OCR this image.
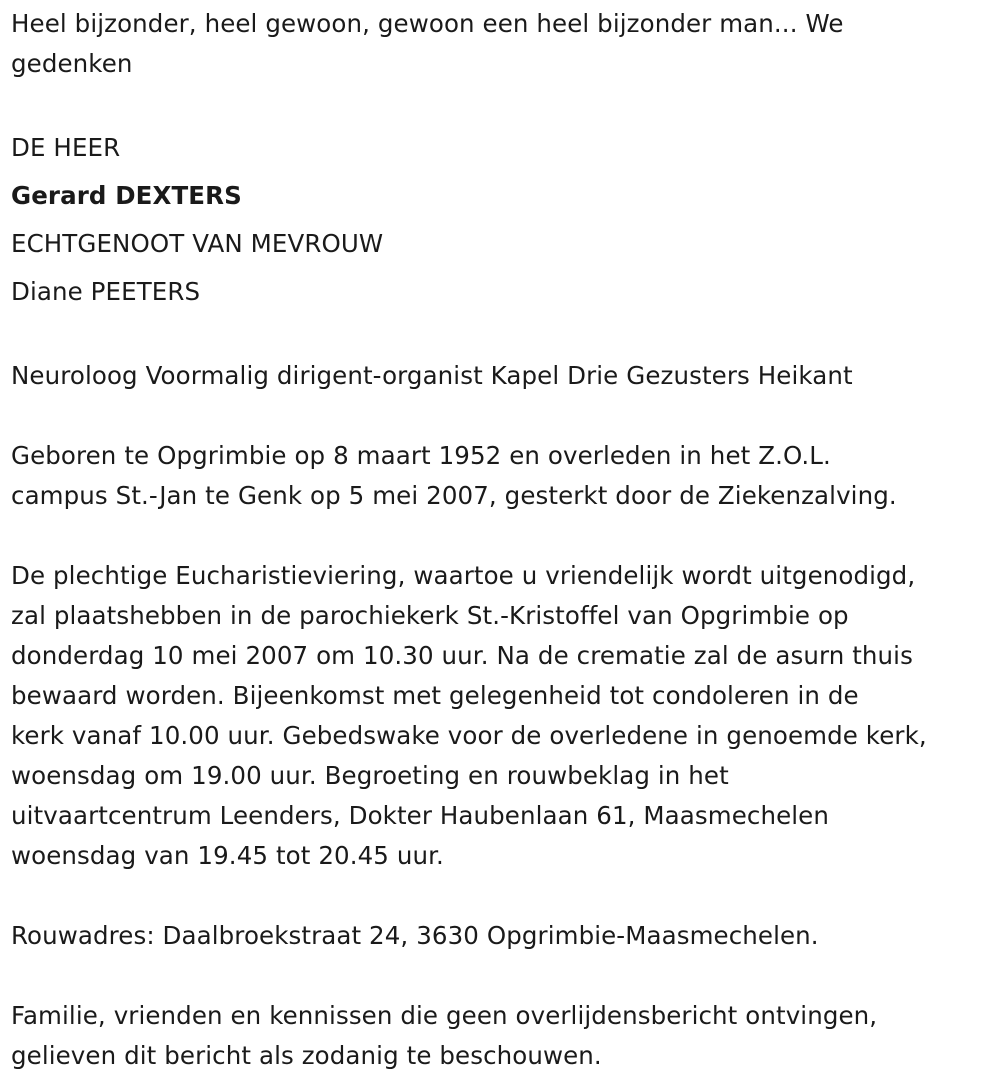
Heel bijzonder, heel gewoon, gewoon een heel bijzonder man... We

gedenken

DE HEER

Gerard DEXTERS

ECHTGENOOT VAN MEVROUW

Diane PEETERS

Neuroloog Voormalig dirigent-organist Kapel Drie Gezusters Heikant

Geboren te Opgrimbie op 8 maart 1952 en overleden in het Z.O.L.

campus St.-Jan te Genk op 5 mei 2007, gesterkt door de Ziekenzalving.

De plechtige Eucharistieviering, waartoe u vriendelijk wordt uitgenodigd,

zal plaatshebben in de parochiekerk St.-Kristoffel van Opgrimbie op

donderdag 10 mei 2007 om 10.30 uur. Na de crematie zal de asurn thuis

bewaard worden. Bijeenkomst met gelegenheid tot condoleren in de

kerk vanaf 10.00 uur. Gebedswake voor de overledene in genoemde kerk,

woensdag om 19.00 uur. Begroeting en rouwbeklag in het

uitvaartcentrum Leenders, Dokter Haubenlaan 61, Maasmechelen

woensdag van 19.45 tot 20.45 uur.

Rouwadres: Daalbroekstraat 24, 3630 Opgrimbie-Maasmechelen.

Familie, vrienden en kennissen die geen overlijdensbericht ontvingen,

gelieven dit bericht als zodanig te beschouwen.
